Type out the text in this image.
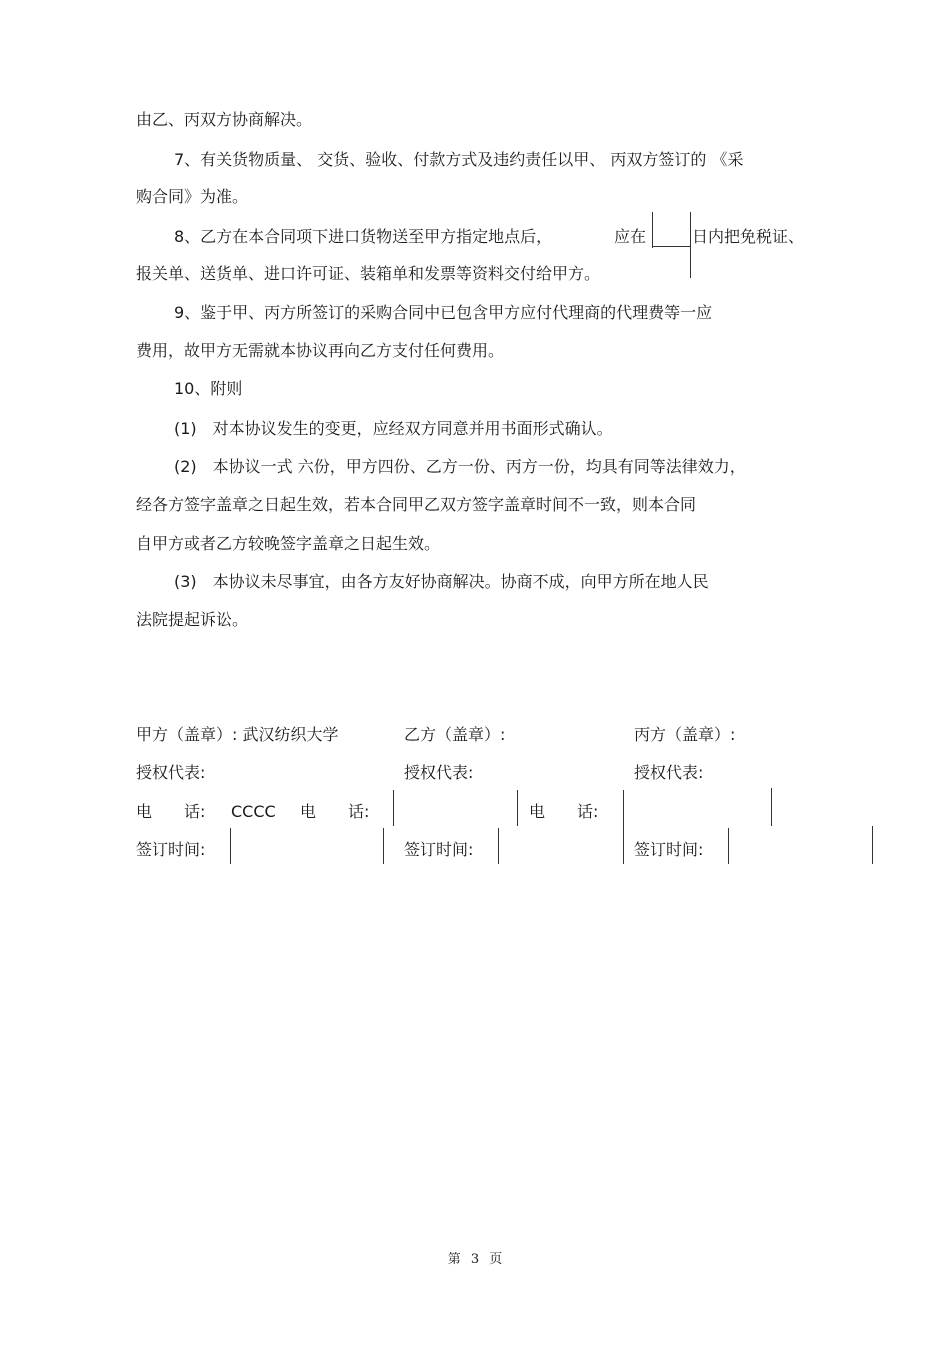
由乙、丙双方协商解决。
7、有关货物质量、 交货、验收、付款方式及违约责任以甲、 丙双方签订的 《采
购合同》为准。
8、乙方在本合同项下进口货物送至甲方指定地点后，	应在	日内把免税证、
报关单、送货单、进口许可证、装箱单和发票等资料交付给甲方。
9、鉴于甲、丙方所签订的采购合同中已包含甲方应付代理商的代理费等一应
费用，故甲方无需就本协议再向乙方支付任何费用。
10、附则
(1)　对本协议发生的变更，应经双方同意并用书面形式确认。
(2)　本协议一式 六份，甲方四份、乙方一份、丙方一份，均具有同等法律效力，
经各方签字盖章之日起生效，若本合同甲乙双方签字盖章时间不一致，则本合同
自甲方或者乙方较晚签字盖章之日起生效。
(3)　本协议未尽事宜，由各方友好协商解决。协商不成，向甲方所在地人民
法院提起诉讼。
甲方（盖章）: 武汉纺织大学	乙方（盖章）:	丙方（盖章）:
授权代表:	授权代表:	授权代表:
电　　话: CCCC 电　　话:	电　　话:
签订时间:	签订时间:	签订时间:
第 3 页
